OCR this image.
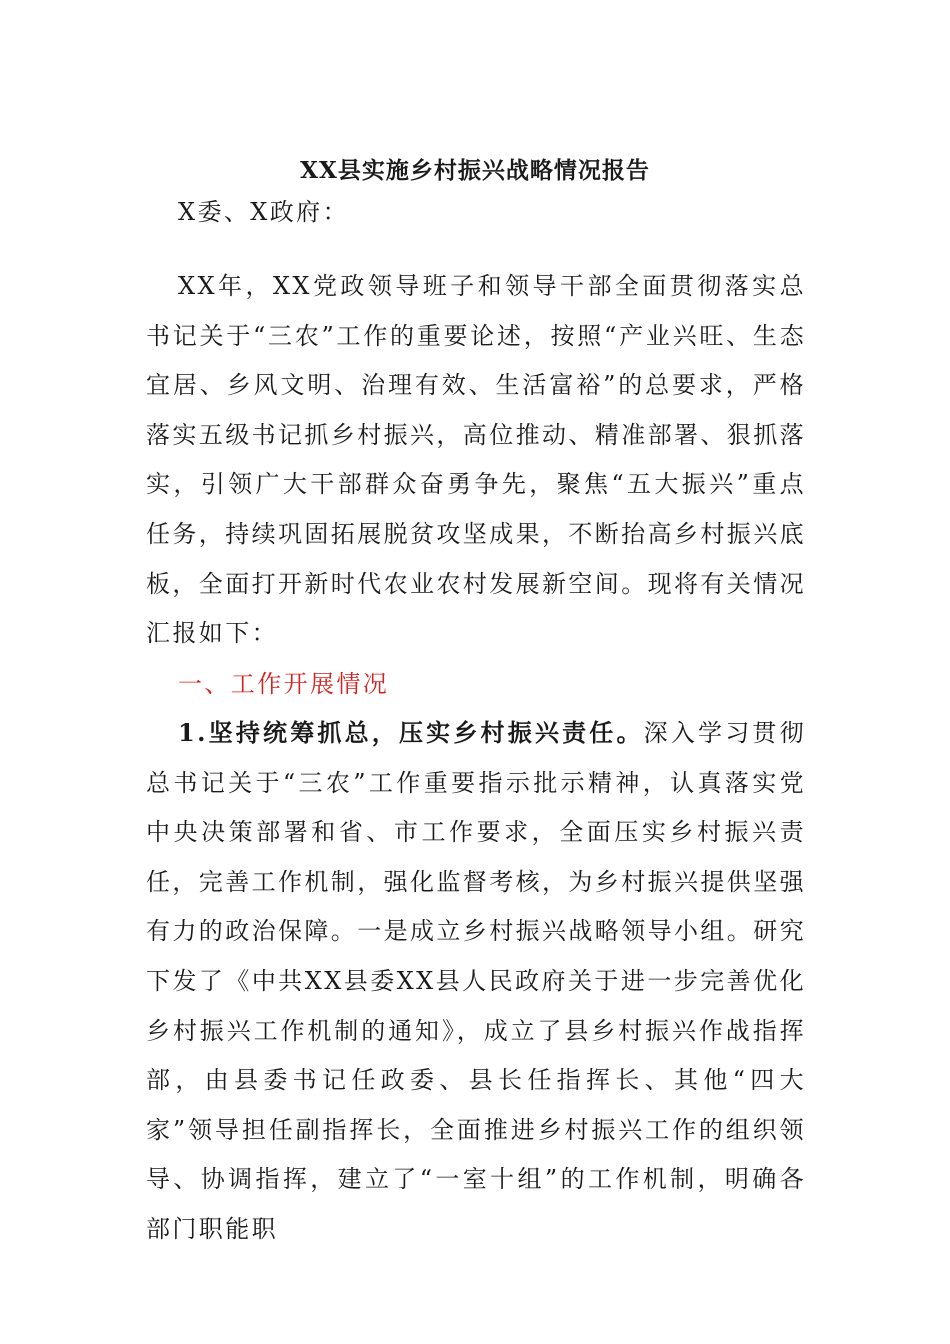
XX县实施乡村振兴战略情况报告

X委、X政府：

XX年，XX党政领导班子和领导干部全面贯彻落实总书记关于“三农”工作的重要论述，按照“产业兴旺、生态宜居、乡风文明、治理有效、生活富裕”的总要求，严格落实五级书记抓乡村振兴，高位推动、精准部署、狠抓落实，引领广大干部群众奋勇争先，聚焦“五大振兴”重点任务，持续巩固拓展脱贫攻坚成果，不断抬高乡村振兴底板，全面打开新时代农业农村发展新空间。现将有关情况汇报如下：

一、工作开展情况

1.坚持统筹抓总，压实乡村振兴责任。深入学习贯彻总书记关于“三农”工作重要指示批示精神，认真落实党中央决策部署和省、市工作要求，全面压实乡村振兴责任，完善工作机制，强化监督考核，为乡村振兴提供坚强有力的政治保障。一是成立乡村振兴战略领导小组。研究下发了《中共XX县委XX县人民政府关于进一步完善优化乡村振兴工作机制的通知》，成立了县乡村振兴作战指挥部，由县委书记任政委、县长任指挥长、其他“四大家”领导担任副指挥长，全面推进乡村振兴工作的组织领导、协调指挥，建立了“一室十组”的工作机制，明确各部门职能职
